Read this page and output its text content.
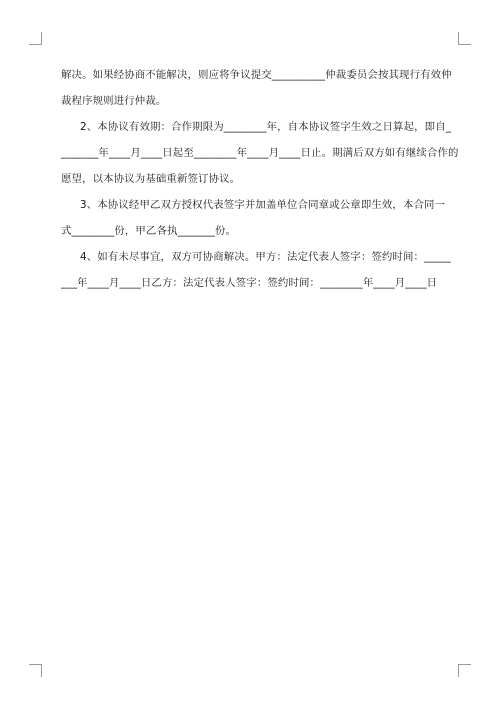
解决。如果经协商不能解决，则应将争议提交__________仲裁委员会按其现行有效仲
裁程序规则进行仲裁。
2、本协议有效期：合作期限为________年，自本协议签字生效之日算起，即自_
_______年____月____日起至________年____月____日止。期满后双方如有继续合作的
愿望，以本协议为基础重新签订协议。
3、本协议经甲乙双方授权代表签字并加盖单位合同章或公章即生效，本合同一
式________份，甲乙各执_______份。
4、如有未尽事宜，双方可协商解决。甲方：法定代表人签字：签约时间：_____
___年____月____日乙方：法定代表人签字：签约时间：________年____月____日
